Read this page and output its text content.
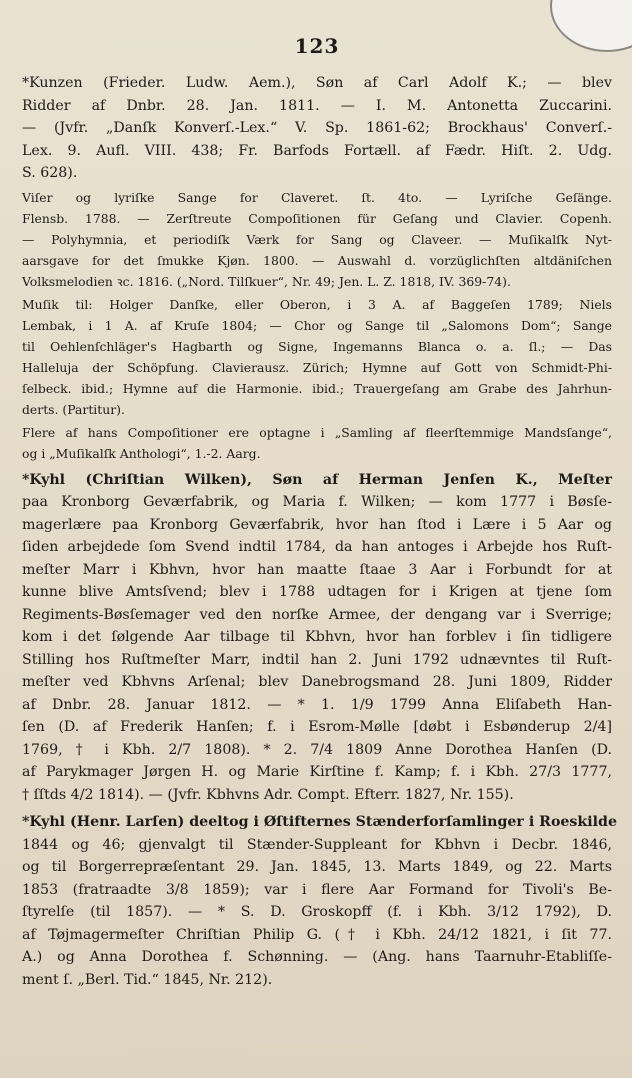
123

*Kunzen (Frieder. Ludw. Aem.), Søn af Carl Adolf K.; — blev

Ridder af Dnbr. 28. Jan. 1811. — I. M. Antonetta Zuccarini.

— (Jvfr. „Danſk Konverſ.-Lex.“ V. Sp. 1861-62; Brockhaus' Converſ.-

Lex. 9. Aufl. VIII. 438; Fr. Barfods Fortæll. af Fædr. Hiſt. 2. Udg.

S. 628).

Viſer og lyriſke Sange for Claveret. ſt. 4to. — Lyriſche Geſänge.

Flensb. 1788. — Zerſtreute Compoſitionen für Geſang und Clavier. Copenh.

— Polyhymnia, et periodiſk Værk for Sang og Claveer. — Muſikalſk Nyt-

aarsgave for det ſmukke Kjøn. 1800. — Auswahl d. vorzüglichſten altdäniſchen

Volksmelodien ꝛc. 1816. („Nord. Tilſkuer“, Nr. 49; Jen. L. Z. 1818, IV. 369-74).

Muſik til: Holger Danſke, eller Oberon, i 3 A. af Baggeſen 1789; Niels

Lembak, i 1 A. af Kruſe 1804; — Chor og Sange til „Salomons Dom“; Sange

til Oehlenſchläger's Hagbarth og Signe, Ingemanns Blanca o. a. ſl.; — Das

Halleluja der Schöpfung. Clavierausz. Zürich; Hymne auf Gott von Schmidt-Phi-

ſelbeck. ibid.; Hymne auf die Harmonie. ibid.; Trauergeſang am Grabe des Jahrhun-

derts. (Partitur).

Flere af hans Compoſitioner ere optagne i „Samling af fleerſtemmige Mandsſange“,

og i „Muſikalſk Anthologi“, 1.-2. Aarg.

*Kyhl (Chriſtian Wilken), Søn af Herman Jenſen K., Meſter

paa Kronborg Geværfabrik, og Maria f. Wilken; — kom 1777 i Bøsſe-

magerlære paa Kronborg Geværfabrik, hvor han ſtod i Lære i 5 Aar og

ſiden arbejdede ſom Svend indtil 1784, da han antoges i Arbejde hos Ruſt-

meſter Marr i Kbhvn, hvor han maatte ſtaae 3 Aar i Forbundt for at

kunne blive Amtsſvend; blev i 1788 udtagen for i Krigen at tjene ſom

Regiments-Bøsſemager ved den norſke Armee, der dengang var i Sverrige;

kom i det ſølgende Aar tilbage til Kbhvn, hvor han forblev i ſin tidligere

Stilling hos Ruſtmeſter Marr, indtil han 2. Juni 1792 udnævntes til Ruſt-

meſter ved Kbhvns Arſenal; blev Danebrogsmand 28. Juni 1809, Ridder

af Dnbr. 28. Januar 1812. — * 1. 1/9 1799 Anna Eliſabeth Han-

ſen (D. af Frederik Hanſen; f. i Esrom-Mølle [døbt i Esbønderup 2/4]

1769, † i Kbh. 2/7 1808). * 2. 7/4 1809 Anne Dorothea Hanſen (D.

af Parykmager Jørgen H. og Marie Kirſtine f. Kamp; f. i Kbh. 27/3 1777,

† ſſtds 4/2 1814). — (Jvfr. Kbhvns Adr. Compt. Efterr. 1827, Nr. 155).

*Kyhl (Henr. Larſen) deeltog i Øſtifternes Stænderforſamlinger i Roeskilde

1844 og 46; gjenvalgt til Stænder-Suppleant for Kbhvn i Decbr. 1846,

og til Borgerrepræſentant 29. Jan. 1845, 13. Marts 1849, og 22. Marts

1853 (fratraadte 3/8 1859); var i flere Aar Formand for Tivoli's Be-

ſtyrelſe (til 1857). — * S. D. Groskopff (f. i Kbh. 3/12 1792), D.

af Tøjmagermeſter Chriſtian Philip G. († i Kbh. 24/12 1821, i ſit 77.

A.) og Anna Dorothea f. Schønning. — (Ang. hans Taarnuhr-Etabliſſe-

ment ſ. „Berl. Tid.“ 1845, Nr. 212).
